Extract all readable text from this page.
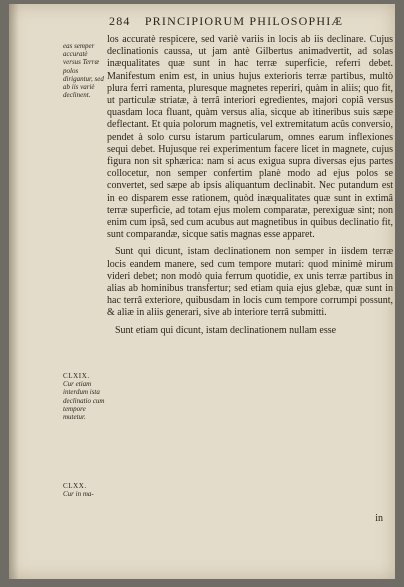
284 PRINCIPIORUM PHILOSOPHIÆ
eas semper accuratè versus Terræ polos dirigantur, sed ab iis variè declinent.
CLXIX.
Cur etiam interdum ista declinatio cum tempore mutetur.
CLXX.
Cur in ma-

los accuratè respicere, sed variè variis in locis ab iis declinare. Cujus declinationis caussa, ut jam antè Gilbertus animadvertit, ad solas inæqualitates quæ sunt in hac terræ superficie, referri debet. Manifestum enim est, in unius hujus exterioris terræ partibus, multò plura ferri ramenta, pluresque magnetes reperiri, quàm in aliis; quo fit, ut particulæ striatæ, à terrâ interiori egredientes, majori copiâ versus quasdam loca fluant, quàm versus alia, sicque ab itineribus suis sæpe deflectant. Et quia polorum magnetis, vel extremitatum acûs conversio, pendet à solo cursu istarum particularum, omnes earum inflexiones sequi debet. Hujusque rei experimentum facere licet in magnete, cujus figura non sit sphærica: nam si acus exigua supra diversas ejus partes collocetur, non semper confertim planè modo ad ejus polos se convertet, sed sæpe ab ipsis aliquantum declinabit. Nec putandum est in eo disparem esse rationem, quòd inæqualitates quæ sunt in extimâ terræ superficie, ad totam ejus molem comparatæ, perexiguæ sint; non enim cum ipsâ, sed cum acubus aut magnetibus in quibus declinatio fit, sunt comparandæ, sicque satis magnas esse apparet.

Sunt qui dicunt, istam declinationem non semper in iisdem terræ locis eandem manere, sed cum tempore mutari: quod minimè mirum videri debet; non modò quia ferrum quotidie, ex unis terræ partibus in alias ab hominibus transfertur; sed etiam quia ejus glebæ, quæ sunt in hac terrâ exteriore, quibusdam in locis cum tempore corrumpi possunt, & aliæ in aliis generari, sive ab interiore terrâ submitti.

Sunt etiam qui dicunt, istam declinationem nullam esse

in
